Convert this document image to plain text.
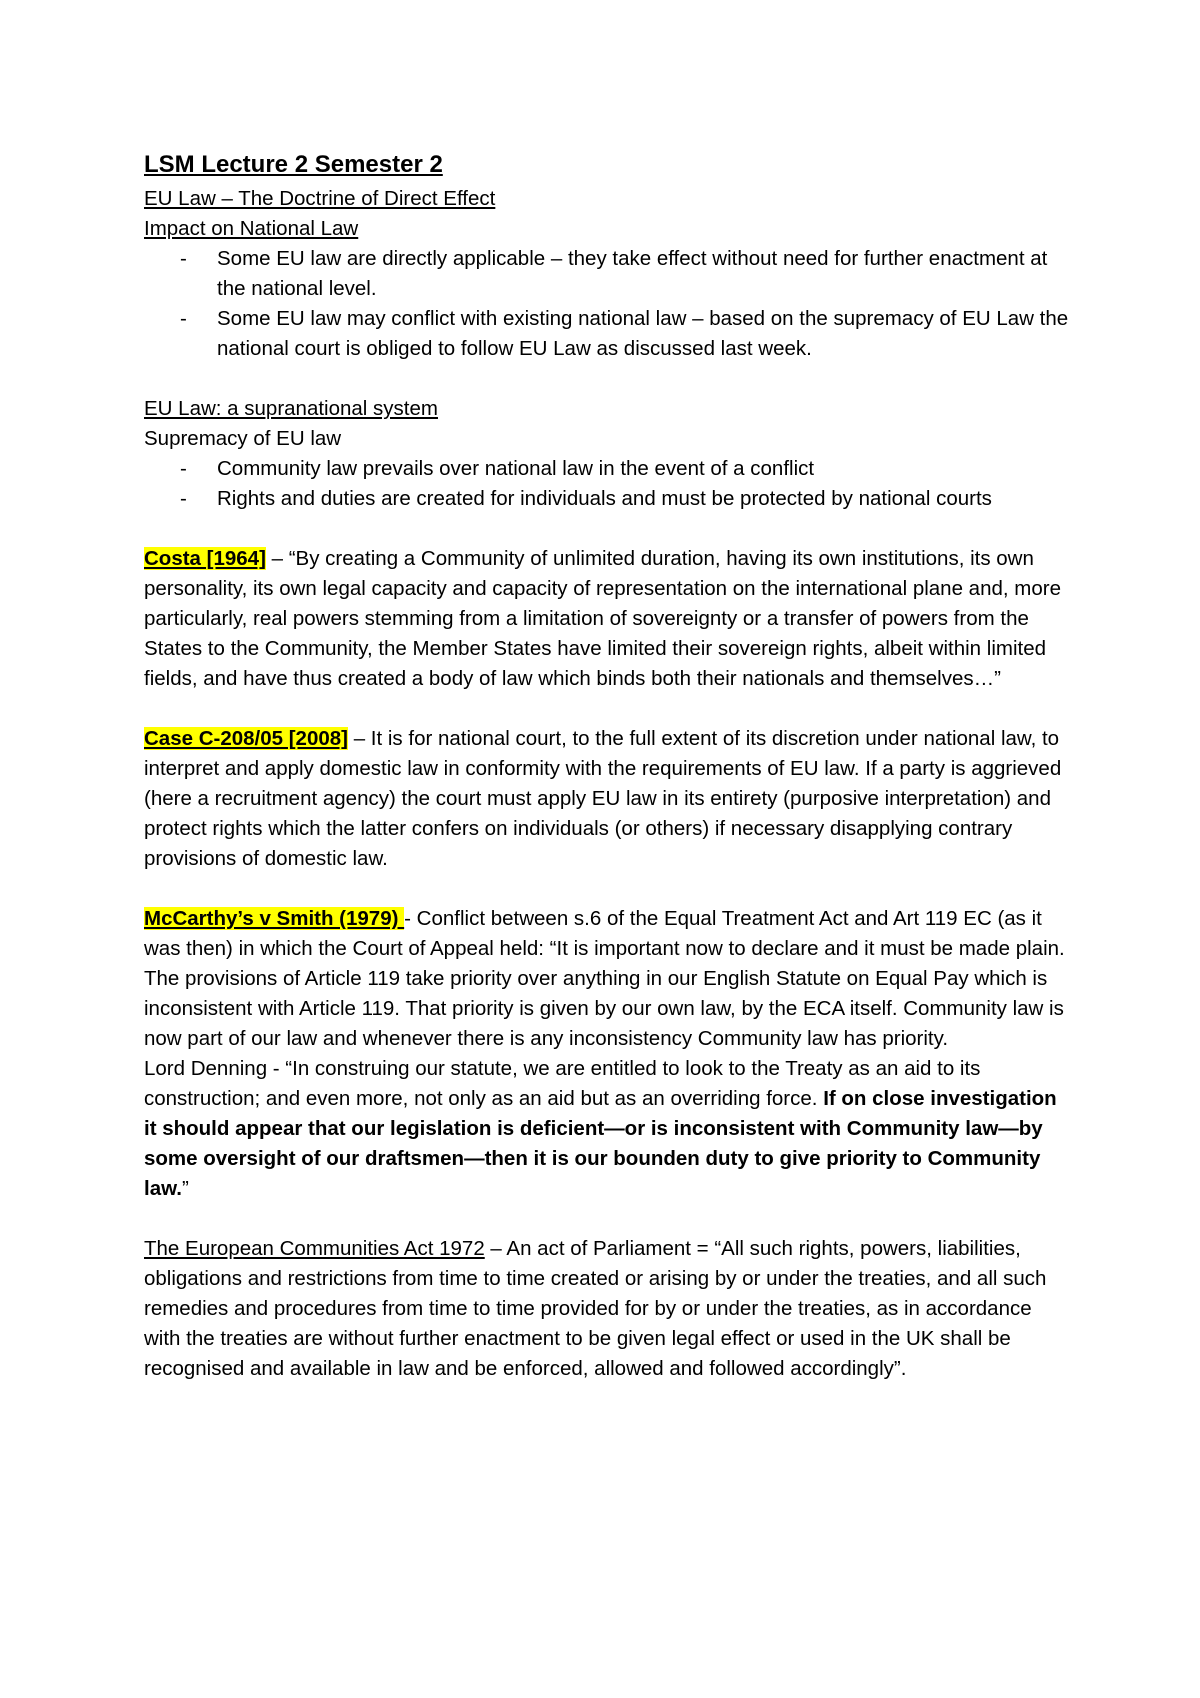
LSM Lecture 2 Semester 2

EU Law – The Doctrine of Direct Effect

Impact on National Law

- Some EU law are directly applicable – they take effect without need for further enactment at the national level.
- Some EU law may conflict with existing national law – based on the supremacy of EU Law the national court is obliged to follow EU Law as discussed last week.

EU Law: a supranational system

Supremacy of EU law

- Community law prevails over national law in the event of a conflict
- Rights and duties are created for individuals and must be protected by national courts

Costa [1964] – “By creating a Community of unlimited duration, having its own institutions, its own personality, its own legal capacity and capacity of representation on the international plane and, more particularly, real powers stemming from a limitation of sovereignty or a transfer of powers from the States to the Community, the Member States have limited their sovereign rights, albeit within limited fields, and have thus created a body of law which binds both their nationals and themselves…”

Case C-208/05 [2008] – It is for national court, to the full extent of its discretion under national law, to interpret and apply domestic law in conformity with the requirements of EU law. If a party is aggrieved (here a recruitment agency) the court must apply EU law in its entirety (purposive interpretation) and protect rights which the latter confers on individuals (or others) if necessary disapplying contrary provisions of domestic law.

McCarthy’s v Smith (1979) - Conflict between s.6 of the Equal Treatment Act and Art 119 EC (as it was then) in which the Court of Appeal held: “It is important now to declare and it must be made plain. The provisions of Article 119 take priority over anything in our English Statute on Equal Pay which is inconsistent with Article 119. That priority is given by our own law, by the ECA itself. Community law is now part of our law and whenever there is any inconsistency Community law has priority.

Lord Denning - “In construing our statute, we are entitled to look to the Treaty as an aid to its construction; and even more, not only as an aid but as an overriding force. If on close investigation it should appear that our legislation is deficient—or is inconsistent with Community law—by some oversight of our draftsmen—then it is our bounden duty to give priority to Community law.”

The European Communities Act 1972 – An act of Parliament = “All such rights, powers, liabilities, obligations and restrictions from time to time created or arising by or under the treaties, and all such remedies and procedures from time to time provided for by or under the treaties, as in accordance with the treaties are without further enactment to be given legal effect or used in the UK shall be recognised and available in law and be enforced, allowed and followed accordingly”.
